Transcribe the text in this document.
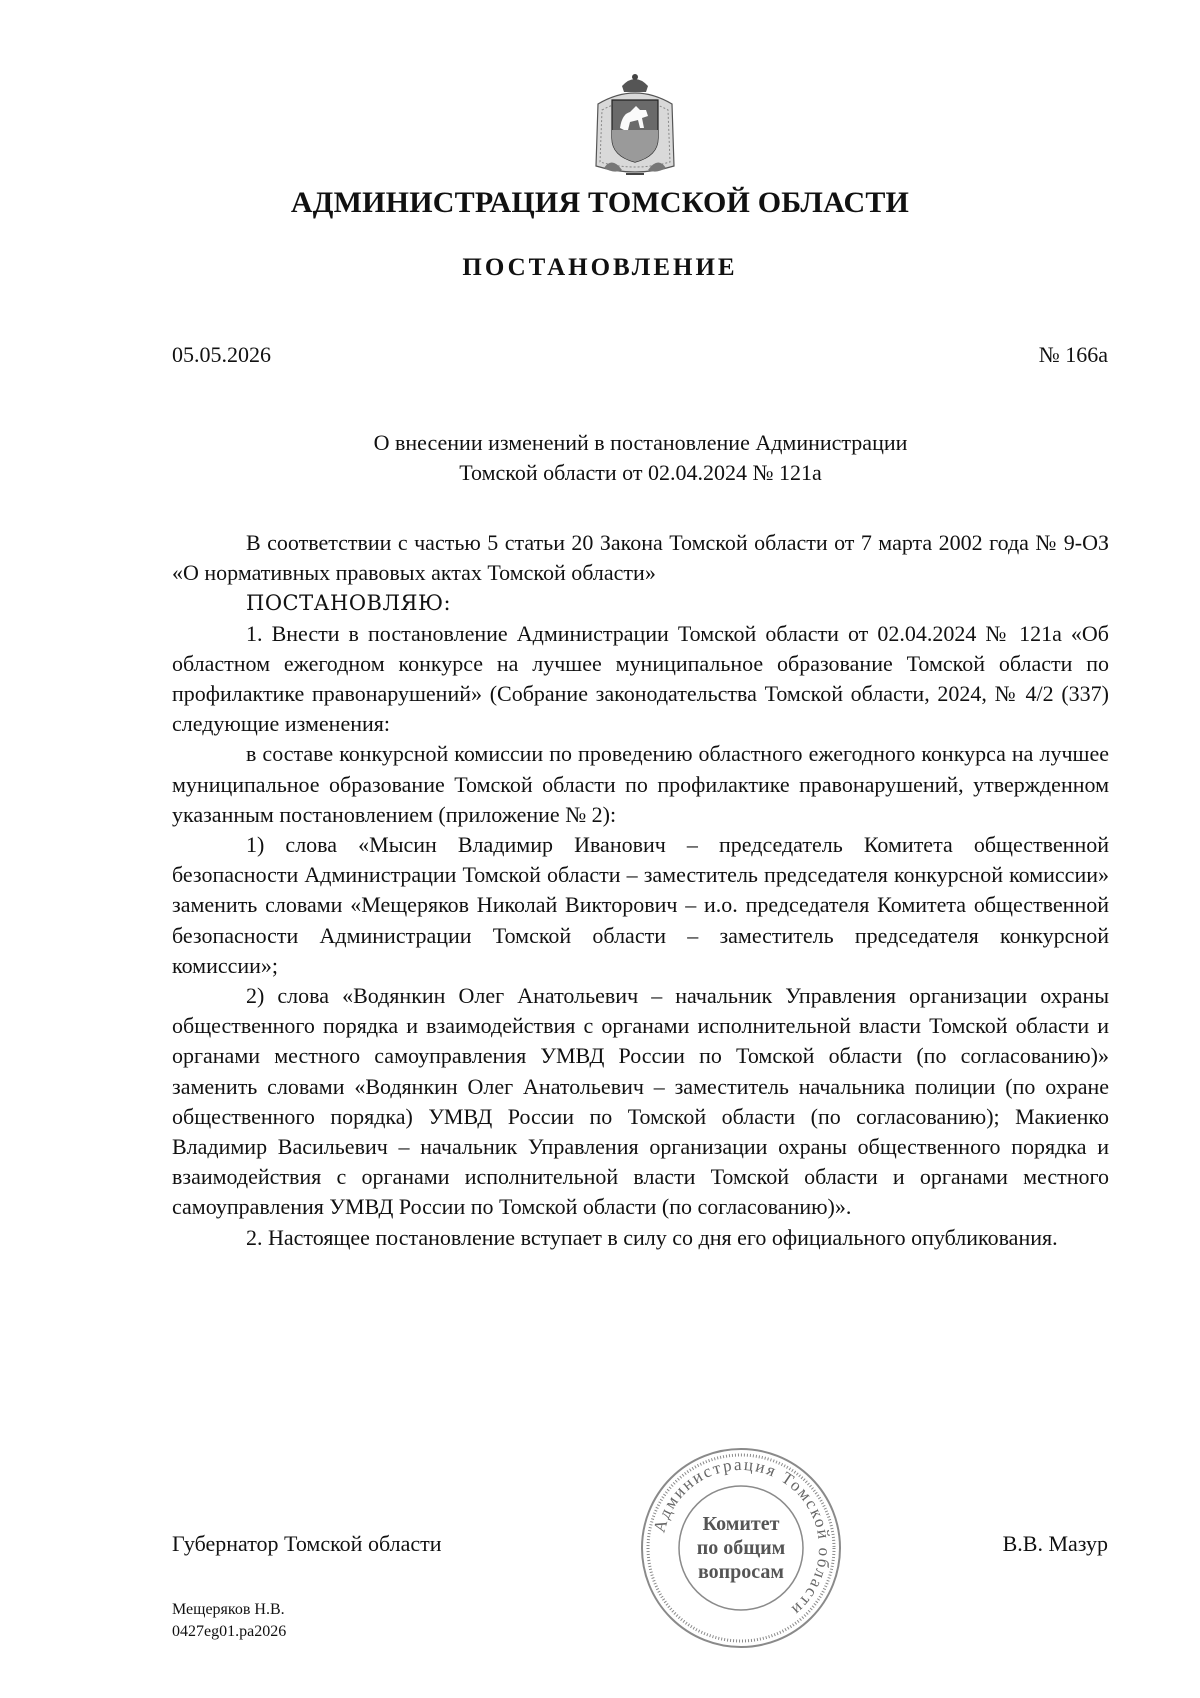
АДМИНИСТРАЦИЯ ТОМСКОЙ ОБЛАСТИ
ПОСТАНОВЛЕНИЕ
05.05.2026	№ 166а
О внесении изменений в постановление Администрации
Томской области от 02.04.2024 № 121а

В соответствии с частью 5 статьи 20 Закона Томской области от 7 марта 2002 года № 9-ОЗ «О нормативных правовых актах Томской области»

ПОСТАНОВЛЯЮ:

1. Внести в постановление Администрации Томской области от 02.04.2024 № 121а «Об областном ежегодном конкурсе на лучшее муниципальное образование Томской области по профилактике правонарушений» (Собрание законодательства Томской области, 2024, № 4/2 (337) следующие изменения:

в составе конкурсной комиссии по проведению областного ежегодного конкурса на лучшее муниципальное образование Томской области по профилактике правонарушений, утвержденном указанным постановлением (приложение № 2):

1) слова «Мысин Владимир Иванович – председатель Комитета общественной безопасности Администрации Томской области – заместитель председателя конкурсной комиссии» заменить словами «Мещеряков Николай Викторович – и.о. председателя Комитета общественной безопасности Администрации Томской области – заместитель председателя конкурсной комиссии»;

2) слова «Водянкин Олег Анатольевич – начальник Управления организации охраны общественного порядка и взаимодействия с органами исполнительной власти Томской области и органами местного самоуправления УМВД России по Томской области (по согласованию)» заменить словами «Водянкин Олег Анатольевич – заместитель начальника полиции (по охране общественного порядка) УМВД России по Томской области (по согласованию); Макиенко Владимир Васильевич – начальник Управления организации охраны общественного порядка и взаимодействия с органами исполнительной власти Томской области и органами местного самоуправления УМВД России по Томской области (по согласованию)».

2. Настоящее постановление вступает в силу со дня его официального опубликования.

Администрация Томской области
Комитет
по общим
вопросам
Губернатор Томской области	В.В. Мазур
Мещеряков Н.В.
0427eg01.pa2026
